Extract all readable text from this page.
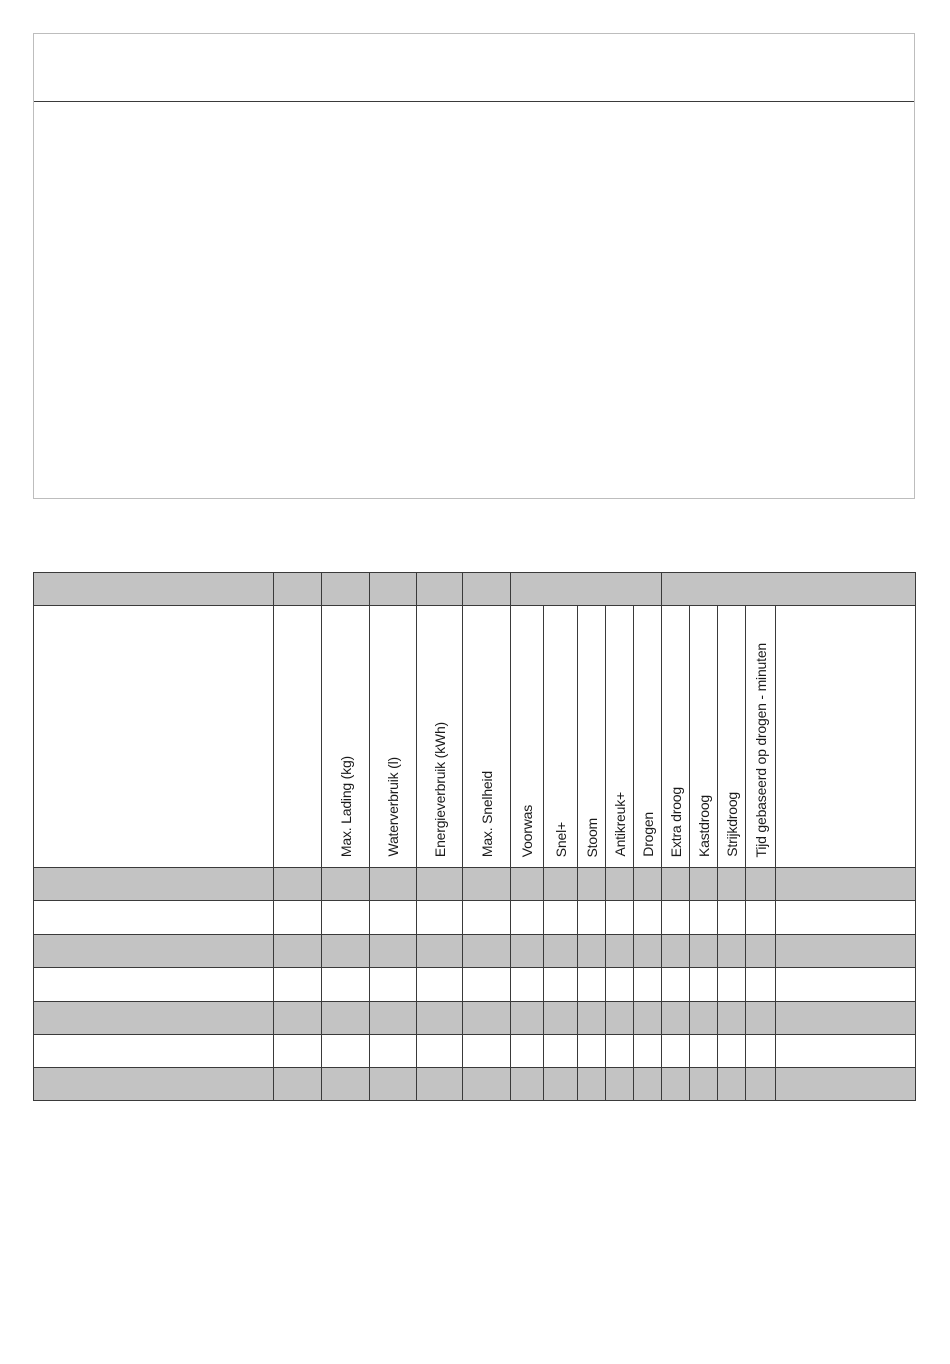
Max. Lading (kg) Waterverbruik (l) Energieverbruik (kWh) Max. Snelheid Voorwas Snel+ Stoom Antikreuk+ Drogen Extra droog Kastdroog Strijkdroog Tijd gebaseerd op drogen - minuten
